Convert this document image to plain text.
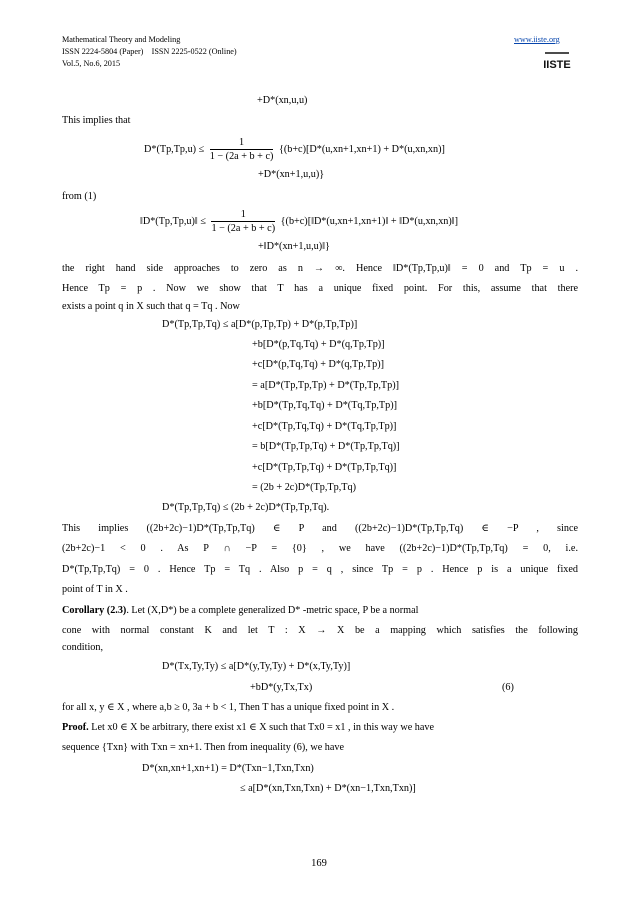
Mathematical Theory and Modeling
ISSN 2224-5804 (Paper)    ISSN 2225-0522 (Online)
Vol.5, No.6, 2015
www.iiste.org
IISTE
+D*(xn,u,u)
This implies that
$D*(Tp,Tp,u) \le \frac{1}{1 - (2a + b + c)} \{(b+c)[D*(u,xn+1,xn+1) + D*(u,xn,xn)]$
+D*(xn+1,u,u)}
from (1)
‖D*(Tp,Tp,u)‖ ≤ $\frac{1}{1 - (2a + b + c)}$ {(b+c)[‖D*(u,xn+1,xn+1)‖ + ‖D*(u,xn,xn)‖]
+‖D*(xn+1,u,u)‖}
the right hand side approaches to zero as n → ∞. Hence ‖D*(Tp,Tp,u)‖ = 0 and Tp = u .
Hence Tp = p . Now we show that T has a unique fixed point. For this, assume that there
exists a point q in X such that q = Tq . Now
D*(Tp,Tp,Tq) ≤ a[D*(p,Tp,Tp) + D*(p,Tp,Tp)]
+b[D*(p,Tq,Tq) + D*(q,Tp,Tp)]
+c[D*(p,Tq,Tq) + D*(q,Tp,Tp)]
= a[D*(Tp,Tp,Tp) + D*(Tp,Tp,Tp)]
+b[D*(Tp,Tq,Tq) + D*(Tq,Tp,Tp)]
+c[D*(Tp,Tq,Tq) + D*(Tq,Tp,Tp)]
= b[D*(Tp,Tp,Tq) + D*(Tp,Tp,Tq)]
+c[D*(Tp,Tp,Tq) + D*(Tp,Tp,Tq)]
= (2b + 2c)D*(Tp,Tp,Tq)
D*(Tp,Tp,Tq) ≤ (2b + 2c)D*(Tp,Tp,Tq).
This implies ((2b+2c)−1)D*(Tp,Tp,Tq) ∈ P and ((2b+2c)−1)D*(Tp,Tp,Tq) ∈ −P , since
(2b+2c)−1 < 0 . As P ∩ −P = {0} , we have ((2b+2c)−1)D*(Tp,Tp,Tq) = 0, i.e.
D*(Tp,Tp,Tq) = 0 . Hence Tp = Tq . Also p = q , since Tp = p . Hence p is a unique fixed
point of T in X .
Corollary (2.3). Let (X,D*) be a complete generalized D* -metric space, P be a normal
cone with normal constant K and let T : X → X be a mapping which satisfies the following
condition,
D*(Tx,Ty,Ty) ≤ a[D*(y,Ty,Ty) + D*(x,Ty,Ty)]
+bD*(y,Tx,Tx)	(6)
for all x, y ∈ X , where a,b ≥ 0, 3a + b < 1, Then T has a unique fixed point in X .
Proof. Let x0 ∈ X be arbitrary, there exist x1 ∈ X such that Tx0 = x1 , in this way we have
sequence {Txn} with Txn = xn+1. Then from inequality (6), we have
D*(xn,xn+1,xn+1) = D*(Txn−1,Txn,Txn)
≤ a[D*(xn,Txn,Txn) + D*(xn−1,Txn,Txn)]
169
